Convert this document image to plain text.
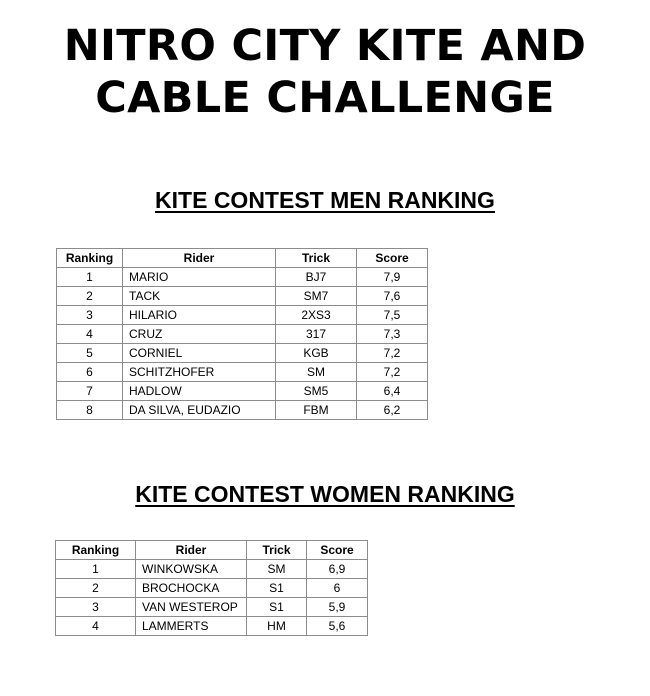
NITRO CITY KITE AND
CABLE CHALLENGE
KITE CONTEST MEN RANKING
Ranking	Rider	Trick	Score
1	MARIO	BJ7	7,9
2	TACK	SM7	7,6
3	HILARIO	2XS3	7,5
4	CRUZ	317	7,3
5	CORNIEL	KGB	7,2
6	SCHITZHOFER	SM	7,2
7	HADLOW	SM5	6,4
8	DA SILVA, EUDAZIO	FBM	6,2
KITE CONTEST WOMEN RANKING
Ranking	Rider	Trick	Score
1	WINKOWSKA	SM	6,9
2	BROCHOCKA	S1	6
3	VAN WESTEROP	S1	5,9
4	LAMMERTS	HM	5,6
